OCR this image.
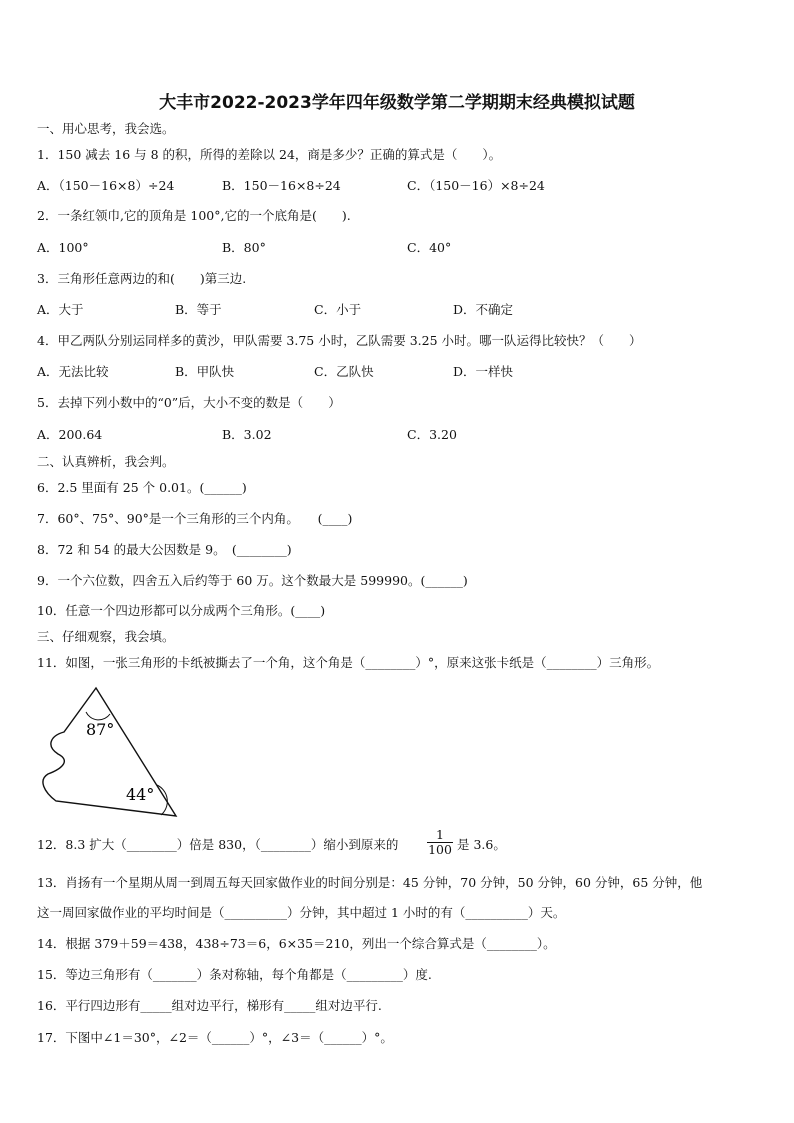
大丰市2022-2023学年四年级数学第二学期期末经典模拟试题
一、用心思考，我会选。
1．150 减去 16 与 8 的积，所得的差除以 24，商是多少？正确的算式是（　　）。
A．（150－16×8）÷24	B．150－16×8÷24	C．（150－16）×8÷24
2．一条红领巾,它的顶角是 100°,它的一个底角是(　　).
A．100°	B．80°	C．40°
3．三角形任意两边的和(　　)第三边.
A．大于	B．等于	C．小于	D．不确定
4．甲乙两队分别运同样多的黄沙，甲队需要 3.75 小时，乙队需要 3.25 小时。哪一队运得比较快？（　　）
A．无法比较	B．甲队快	C．乙队快	D．一样快
5．去掉下列小数中的“0”后，大小不变的数是（　　）
A．200.64	B．3.02	C．3.20
二、认真辨析，我会判。
6．2.5 里面有 25 个 0.01。(______)
7．60°、75°、90°是一个三角形的三个内角。　　(____)
8．72 和 54 的最大公因数是 9。　(________)
9．一个六位数，四舍五入后约等于 60 万。这个数最大是 599990。(______)
10．任意一个四边形都可以分成两个三角形。(____)
三、仔细观察，我会填。
11．如图，一张三角形的卡纸被撕去了一个角，这个角是（________）°，原来这张卡纸是（________）三角形。
87°
44°
12．8.3 扩大（________）倍是 830，（________）缩小到原来的 $\frac{1}{100}$ 是 3.6。
13．肖扬有一个星期从周一到周五每天回家做作业的时间分别是：45 分钟，70 分钟，50 分钟，60 分钟，65 分钟，他
这一周回家做作业的平均时间是（__________）分钟，其中超过 1 小时的有（__________）天。
14．根据 379＋59＝438，438÷73＝6，6×35＝210，列出一个综合算式是（________）。
15．等边三角形有（_______）条对称轴，每个角都是（_________）度.
16．平行四边形有_____组对边平行，梯形有_____组对边平行.
17．下图中∠1＝30°，∠2＝（______）°，∠3＝（______）°。
